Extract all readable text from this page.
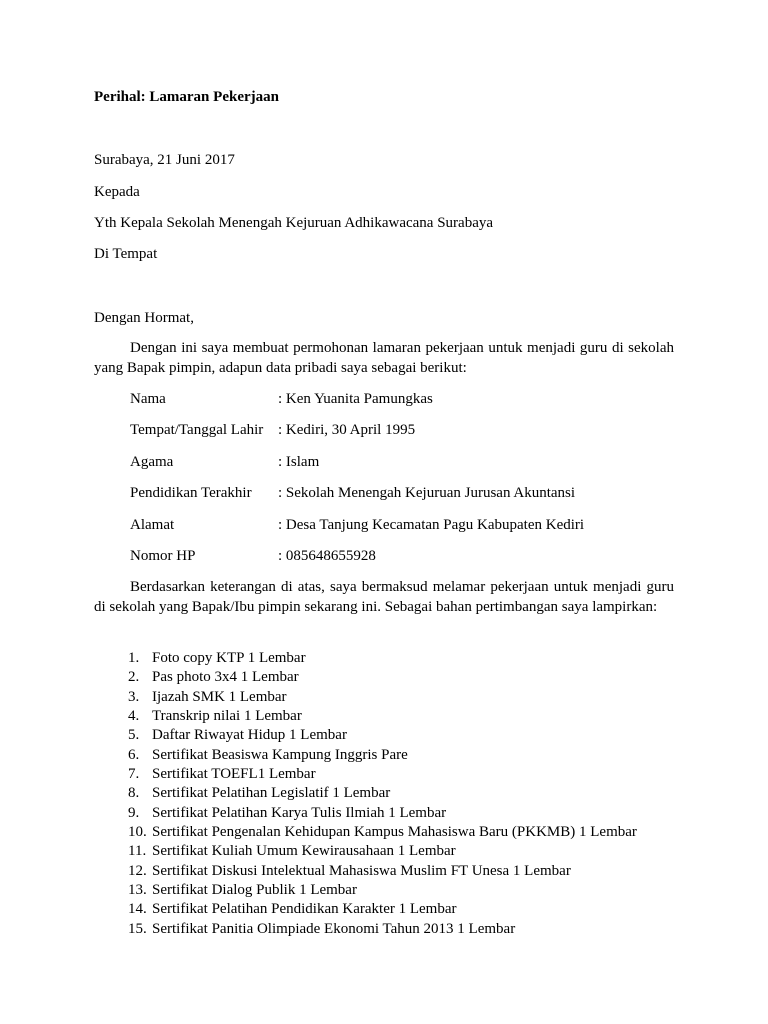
Perihal: Lamaran Pekerjaan
Surabaya, 21 Juni 2017
Kepada
Yth Kepala Sekolah Menengah Kejuruan Adhikawacana Surabaya
Di Tempat
Dengan Hormat,

Dengan ini saya membuat permohonan lamaran pekerjaan untuk menjadi guru di sekolah yang Bapak pimpin, adapun data pribadi saya sebagai berikut:

Nama	: Ken Yuanita Pamungkas
Tempat/Tanggal Lahir : Kediri, 30 April 1995
Agama	: Islam
Pendidikan Terakhir : Sekolah Menengah Kejuruan Jurusan Akuntansi
Alamat	: Desa Tanjung Kecamatan Pagu Kabupaten Kediri
Nomor HP	: 085648655928

Berdasarkan keterangan di atas, saya bermaksud melamar pekerjaan untuk menjadi guru di sekolah yang Bapak/Ibu pimpin sekarang ini. Sebagai bahan pertimbangan saya lampirkan:

1. Foto copy KTP 1 Lembar
2. Pas photo 3x4 1 Lembar
3. Ijazah SMK 1 Lembar
4. Transkrip nilai 1 Lembar
5. Daftar Riwayat Hidup 1 Lembar
6. Sertifikat Beasiswa Kampung Inggris Pare
7. Sertifikat TOEFL1 Lembar
8. Sertifikat Pelatihan Legislatif 1 Lembar
9. Sertifikat Pelatihan Karya Tulis Ilmiah 1 Lembar
10. Sertifikat Pengenalan Kehidupan Kampus Mahasiswa Baru (PKKMB) 1 Lembar
11. Sertifikat Kuliah Umum Kewirausahaan 1 Lembar
12. Sertifikat Diskusi Intelektual Mahasiswa Muslim FT Unesa 1 Lembar
13. Sertifikat Dialog Publik 1 Lembar
14. Sertifikat Pelatihan Pendidikan Karakter 1 Lembar
15. Sertifikat Panitia Olimpiade Ekonomi Tahun 2013 1 Lembar
